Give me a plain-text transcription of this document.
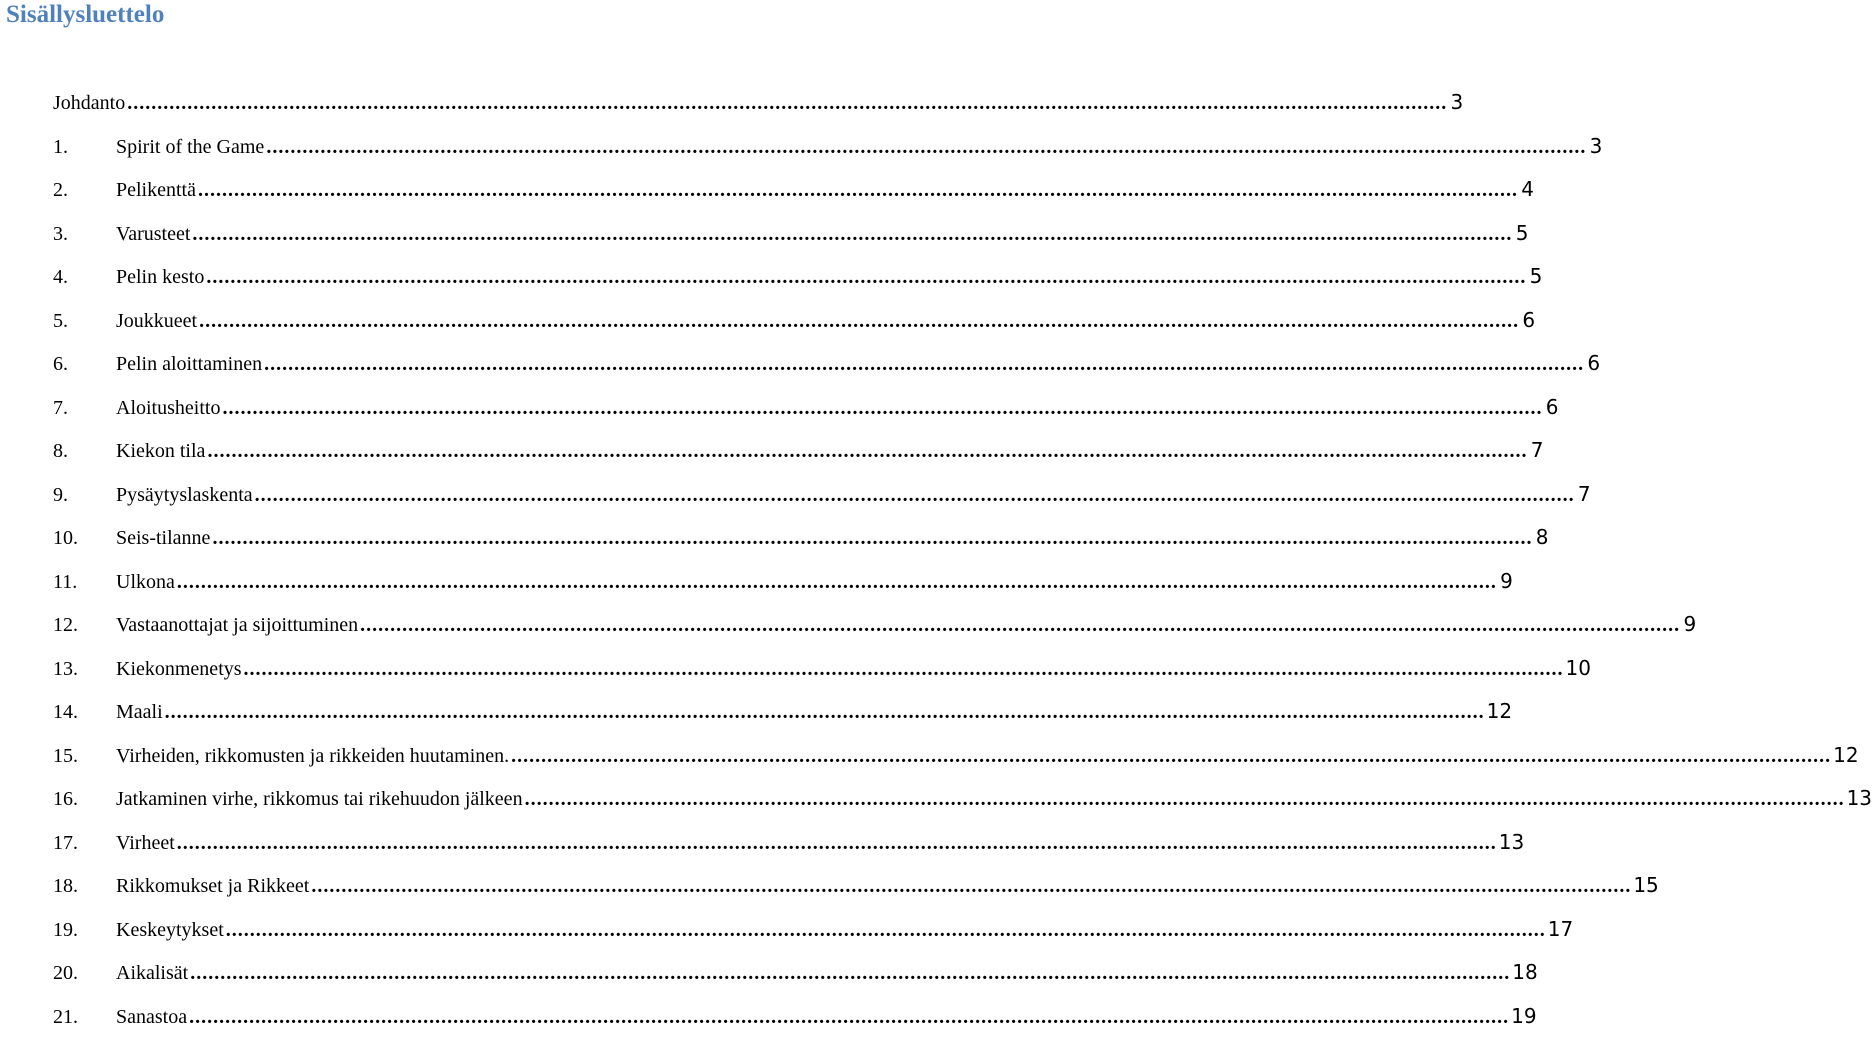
Sisällysluettelo
Johdanto .....	3
1.	Spirit of the Game .....	3
2.	Pelikenttä .....	4
3.	Varusteet .....	5
4.	Pelin kesto .....	5
5.	Joukkueet .....	6
6.	Pelin aloittaminen .....	6
7.	Aloitusheitto .....	6
8.	Kiekon tila .....	7
9.	Pysäytyslaskenta .....	7
10.	Seis-tilanne .....	8
11.	Ulkona .....	9
12.	Vastaanottajat ja sijoittuminen .....	9
13.	Kiekonmenetys .....	10
14.	Maali .....	12
15.	Virheiden, rikkomusten ja rikkeiden huutaminen. .....	12
16.	Jatkaminen virhe, rikkomus tai rikehuudon jälkeen .....	13
17.	Virheet .....	13
18.	Rikkomukset ja Rikkeet .....	15
19.	Keskeytykset .....	17
20.	Aikalisät .....	18
21.	Sanastoa .....	19
